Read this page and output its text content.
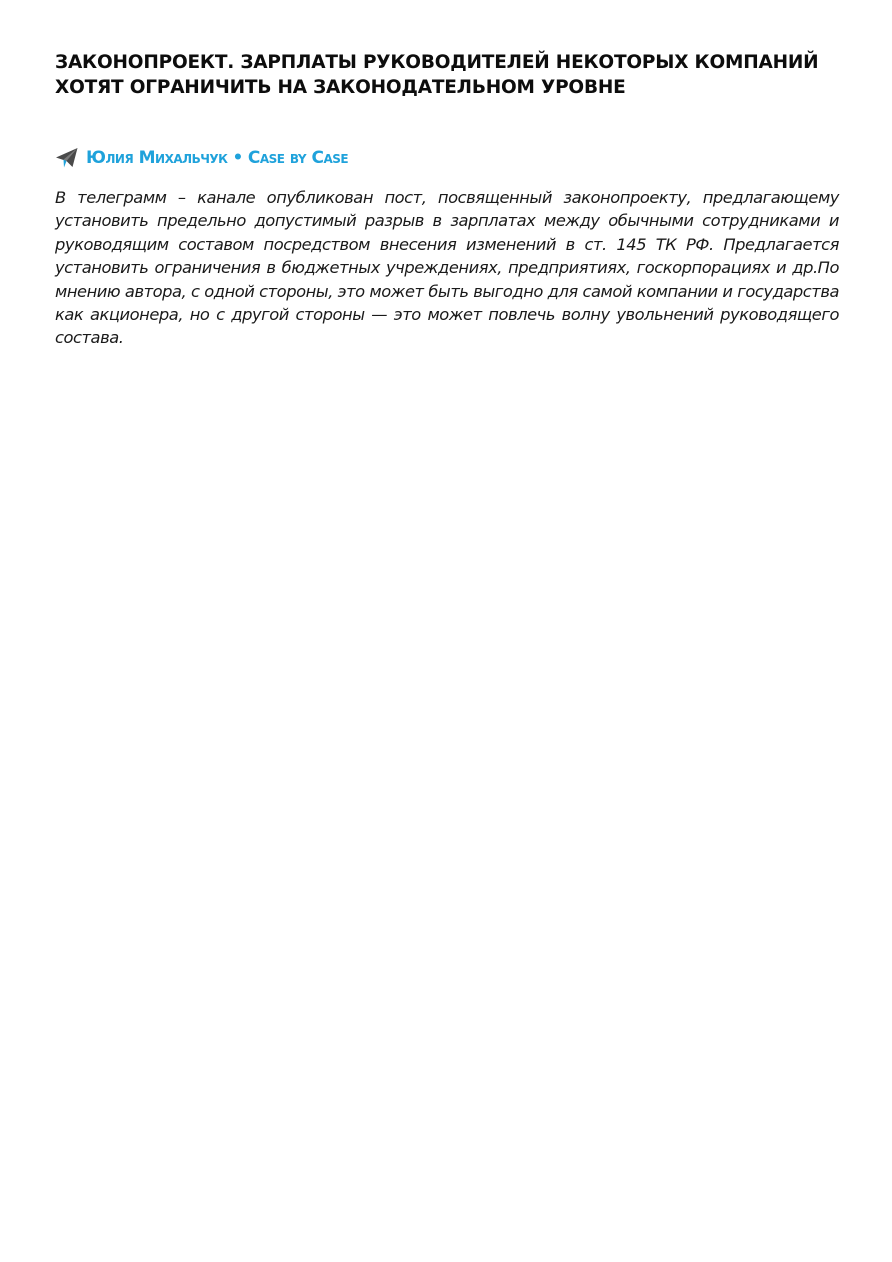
ЗАКОНОПРОЕКТ. ЗАРПЛАТЫ РУКОВОДИТЕЛЕЙ НЕКОТОРЫХ КОМПАНИЙ ХОТЯТ ОГРАНИЧИТЬ НА ЗАКОНОДАТЕЛЬНОМ УРОВНЕ
Юлия Михальчук • Case by Case

В телеграмм – канале опубликован пост, посвященный законопроекту, предлагающему установить предельно допустимый разрыв в зарплатах между обычными сотрудниками и руководящим составом посредством внесения изменений в ст. 145 ТК РФ. Предлагается установить ограничения в бюджетных учреждениях, предприятиях, госкорпорациях и др.По мнению автора, с одной стороны, это может быть выгодно для самой компании и государства как акционера, но с другой стороны — это может повлечь волну увольнений руководящего состава.
